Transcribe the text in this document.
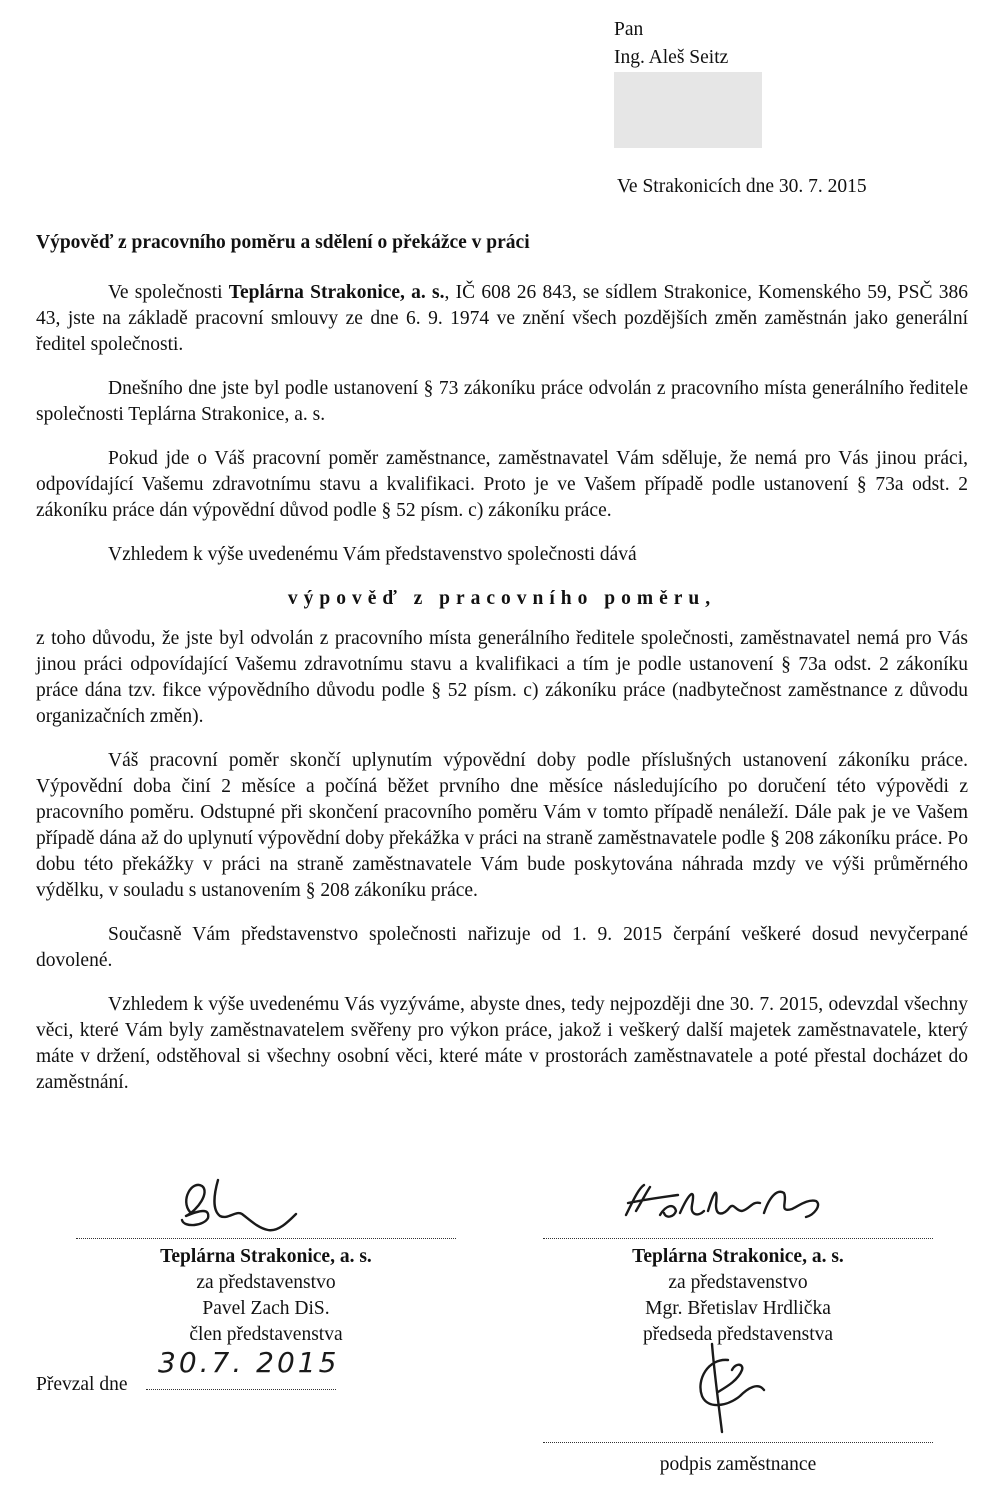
Pan
Ing. Aleš Seitz
Ve Strakonicích dne 30. 7. 2015
Výpověď z pracovního poměru a sdělení o překážce v práci

Ve společnosti Teplárna Strakonice, a. s., IČ 608 26 843, se sídlem Strakonice, Komenského 59, PSČ 386 43, jste na základě pracovní smlouvy ze dne 6. 9. 1974 ve znění všech pozdějších změn zaměstnán jako generální ředitel společnosti.

Dnešního dne jste byl podle ustanovení § 73 zákoníku práce odvolán z pracovního místa generálního ředitele společnosti Teplárna Strakonice, a. s.

Pokud jde o Váš pracovní poměr zaměstnance, zaměstnavatel Vám sděluje, že nemá pro Vás jinou práci, odpovídající Vašemu zdravotnímu stavu a kvalifikaci. Proto je ve Vašem případě podle ustanovení § 73a odst. 2 zákoníku práce dán výpovědní důvod podle § 52 písm. c) zákoníku práce.

Vzhledem k výše uvedenému Vám představenstvo společnosti dává

výpověď z pracovního poměru,

z toho důvodu, že jste byl odvolán z pracovního místa generálního ředitele společnosti, zaměstnavatel nemá pro Vás jinou práci odpovídající Vašemu zdravotnímu stavu a kvalifikaci a tím je podle ustanovení § 73a odst. 2 zákoníku práce dána tzv. fikce výpovědního důvodu podle § 52 písm. c) zákoníku práce (nadbytečnost zaměstnance z důvodu organizačních změn).

Váš pracovní poměr skončí uplynutím výpovědní doby podle příslušných ustanovení zákoníku práce. Výpovědní doba činí 2 měsíce a počíná běžet prvního dne měsíce následujícího po doručení této výpovědi z pracovního poměru. Odstupné při skončení pracovního poměru Vám v tomto případě nenáleží. Dále pak je ve Vašem případě dána až do uplynutí výpovědní doby překážka v práci na straně zaměstnavatele podle § 208 zákoníku práce. Po dobu této překážky v práci na straně zaměstnavatele Vám bude poskytována náhrada mzdy ve výši průměrného výdělku, v souladu s ustanovením § 208 zákoníku práce.

Současně Vám představenstvo společnosti nařizuje od 1. 9. 2015 čerpání veškeré dosud nevyčerpané dovolené.

Vzhledem k výše uvedenému Vás vyzýváme, abyste dnes, tedy nejpozději dne 30. 7. 2015, odevzdal všechny věci, které Vám byly zaměstnavatelem svěřeny pro výkon práce, jakož i veškerý další majetek zaměstnavatele, který máte v držení, odstěhoval si všechny osobní věci, které máte v prostorách zaměstnavatele a poté přestal docházet do zaměstnání.

Teplárna Strakonice, a. s.
za představenstvo
Pavel Zach DiS.
člen představenstva
Teplárna Strakonice, a. s.
za představenstvo
Mgr. Břetislav Hrdlička
předseda představenstva
Převzal dne
30.7. 2015
podpis zaměstnance
